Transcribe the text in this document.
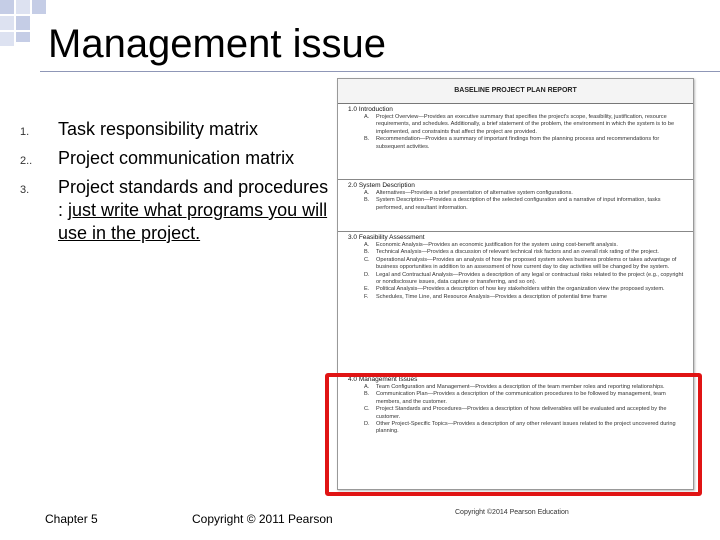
Management issue
1. Task responsibility matrix
2.. Project communication matrix
3. Project standards and procedures : just write what programs you will use in the project.
BASELINE PROJECT PLAN REPORT
1.0 Introduction
A. Project Overview—Provides an executive summary that specifies the project's scope, feasibility, justification, resource requirements, and schedules. Additionally, a brief statement of the problem, the environment in which the system is to be implemented, and constraints that affect the project are provided.
B. Recommendation—Provides a summary of important findings from the planning process and recommendations for subsequent activities.
2.0 System Description
A. Alternatives—Provides a brief presentation of alternative system configurations.
B. System Description—Provides a description of the selected configuration and a narrative of input information, tasks performed, and resultant information.
3.0 Feasibility Assessment
A. Economic Analysis—Provides an economic justification for the system using cost-benefit analysis.
B. Technical Analysis—Provides a discussion of relevant technical risk factors and an overall risk rating of the project.
C. Operational Analysis—Provides an analysis of how the proposed system solves business problems or takes advantage of business opportunities in addition to an assessment of how current day to day activities will be changed by the system.
D. Legal and Contractual Analysis—Provides a description of any legal or contractual risks related to the project (e.g., copyright or nondisclosure issues, data capture or transferring, and so on).
E. Political Analysis—Provides a description of how key stakeholders within the organization view the proposed system.
F. Schedules, Time Line, and Resource Analysis—Provides a description of potential time frame
4.0 Management Issues
A. Team Configuration and Management—Provides a description of the team member roles and reporting relationships.
B. Communication Plan—Provides a description of the communication procedures to be followed by management, team members, and the customer.
C. Project Standards and Procedures—Provides a description of how deliverables will be evaluated and accepted by the customer.
D. Other Project-Specific Topics—Provides a description of any other relevant issues related to the project uncovered during planning.
Chapter 5	Copyright © 2011 Pearson	Copyright ©2014 Pearson Education
